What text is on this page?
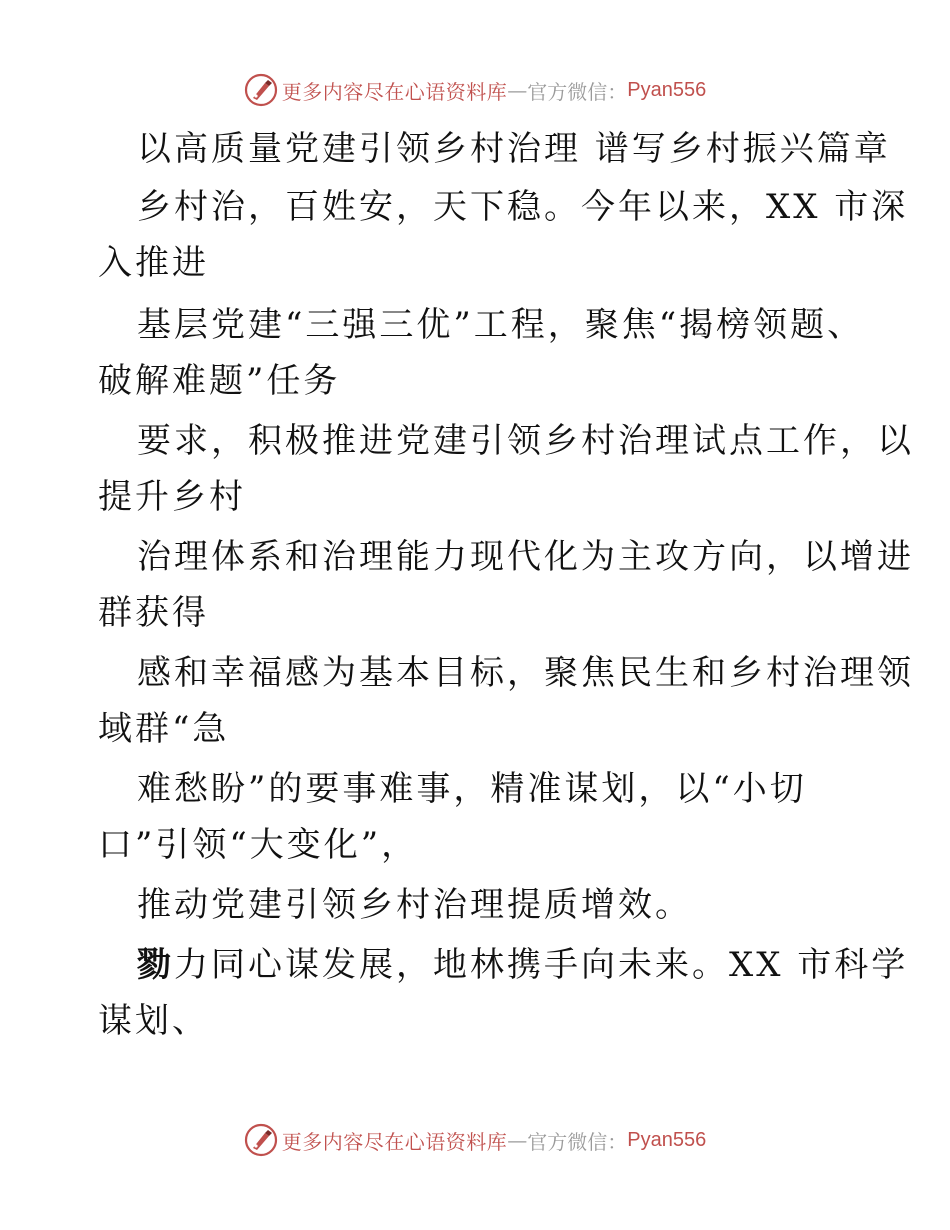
更多内容尽在心语资料库 — 官方微信： Pyan556
以高质量党建引领乡村治理 谱写乡村振兴篇章
乡村治，百姓安，天下稳。今年以来，XX 市深
入推进
基层党建“三强三优”工程，聚焦“揭榜领题、
破解难题”任务
要求，积极推进党建引领乡村治理试点工作，以
提升乡村
治理体系和治理能力现代化为主攻方向，以增进
群获得
感和幸福感为基本目标，聚焦民生和乡村治理领
域群“急
难愁盼”的要事难事，精准谋划，以“小切
口”引领“大变化”，
推动党建引领乡村治理提质增效。
勠力同心谋发展，地林携手向未来。XX 市科学
谋划、
更多内容尽在心语资料库 — 官方微信： Pyan556
